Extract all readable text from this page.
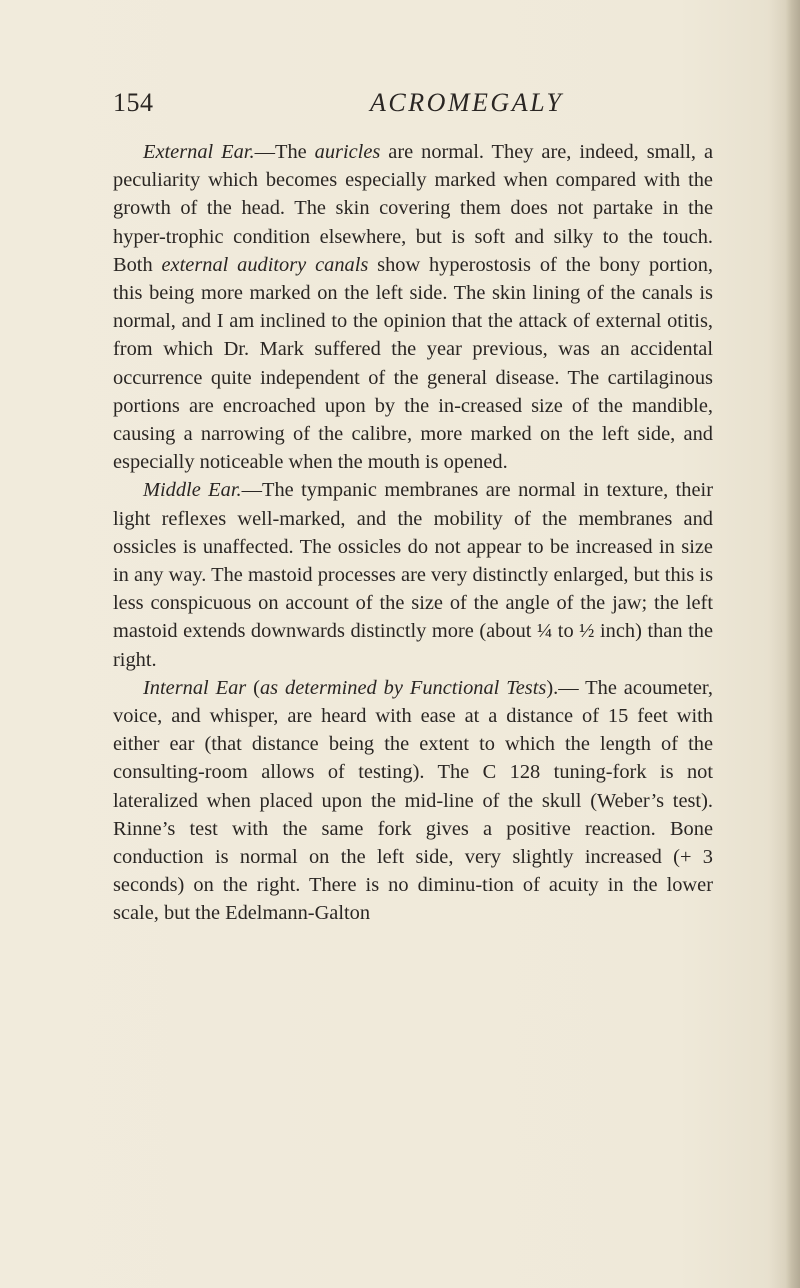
154	ACROMEGALY

External Ear.—The auricles are normal. They are, indeed, small, a peculiarity which becomes especially marked when compared with the growth of the head. The skin covering them does not partake in the hyper-trophic condition elsewhere, but is soft and silky to the touch. Both external auditory canals show hyperostosis of the bony portion, this being more marked on the left side. The skin lining of the canals is normal, and I am inclined to the opinion that the attack of external otitis, from which Dr. Mark suffered the year previous, was an accidental occurrence quite independent of the general disease. The cartilaginous portions are encroached upon by the in-creased size of the mandible, causing a narrowing of the calibre, more marked on the left side, and especially noticeable when the mouth is opened.

Middle Ear.—The tympanic membranes are normal in texture, their light reflexes well-marked, and the mobility of the membranes and ossicles is unaffected. The ossicles do not appear to be increased in size in any way. The mastoid processes are very distinctly enlarged, but this is less conspicuous on account of the size of the angle of the jaw; the left mastoid extends downwards distinctly more (about ¼ to ½ inch) than the right.

Internal Ear (as determined by Functional Tests).— The acoumeter, voice, and whisper, are heard with ease at a distance of 15 feet with either ear (that distance being the extent to which the length of the consulting-room allows of testing). The C 128 tuning-fork is not lateralized when placed upon the mid-line of the skull (Weber’s test). Rinne’s test with the same fork gives a positive reaction. Bone conduction is normal on the left side, very slightly increased (+ 3 seconds) on the right. There is no diminu-tion of acuity in the lower scale, but the Edelmann-Galton
